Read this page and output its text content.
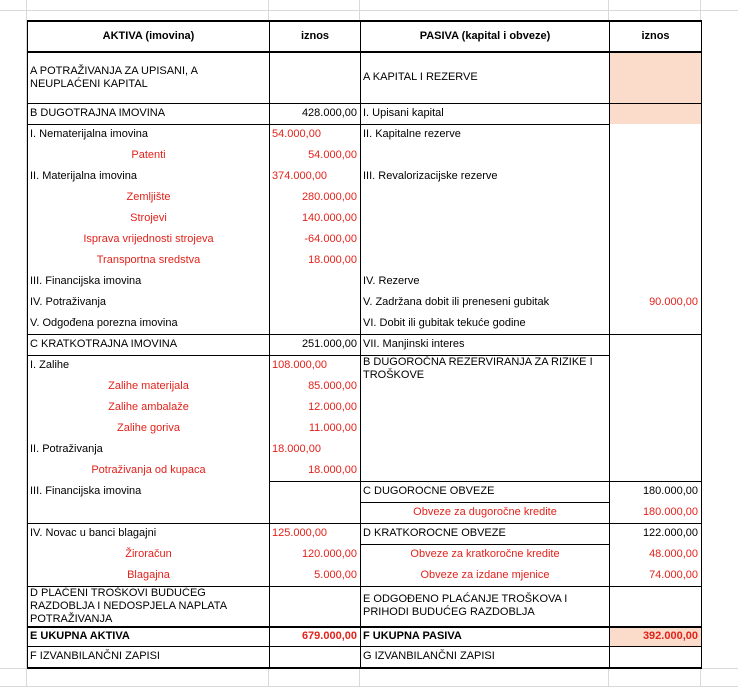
AKTIVA (imovina)	iznos	PASIVA (kapital i obveze)	iznos
A POTRAŽIVANJA ZA UPISANI, A NEUPLAĆENI KAPITAL		A KAPITAL I REZERVE	
B DUGOTRAJNA IMOVINA	428.000,00	I. Upisani kapital	
I. Nematerijalna imovina	54.000,00	II. Kapitalne rezerve	
Patenti	54.000,00		
II. Materijalna imovina	374.000,00	III. Revalorizacijske rezerve	
Zemljište	280.000,00		
Strojevi	140.000,00		
Isprava vrijednosti strojeva	-64.000,00		
Transportna sredstva	18.000,00		
III. Financijska imovina		IV. Rezerve	
IV. Potraživanja		V. Zadržana dobit ili preneseni gubitak	90.000,00
V. Odgođena porezna imovina		VI. Dobit ili gubitak tekuće godine	
C KRATKOTRAJNA IMOVINA	251.000,00	VII. Manjinski interes	
I. Zalihe	108.000,00	B DUGOROČNA REZERVIRANJA ZA RIZIKE I TROŠKOVE	
Zalihe materijala	85.000,00		
Zalihe ambalaže	12.000,00		
Zalihe goriva	11.000,00		
II. Potraživanja	18.000,00		
Potraživanja od kupaca	18.000,00		
III. Financijska imovina		C DUGOROCNE OBVEZE	180.000,00
		Obveze za dugoročne kredite	180.000,00
IV. Novac u banci blagajni	125.000,00	D KRATKOROCNE OBVEZE	122.000,00
Žiroračun	120.000,00	Obveze za kratkoročne kredite	48.000,00
Blagajna	5.000,00	Obveze za izdane mjenice	74.000,00
D PLAĆENI TROŠKOVI BUDUĆEG RAZDOBLJA I NEDOSPJELA NAPLATA POTRAŽIVANJA		E ODGOĐENO PLAĆANJE TROŠKOVA I PRIHODI BUDUĆEG RAZDOBLJA	
E UKUPNA AKTIVA	679.000,00	F UKUPNA PASIVA	392.000,00
F IZVANBILANČNI ZAPISI		G IZVANBILANČNI ZAPISI	
